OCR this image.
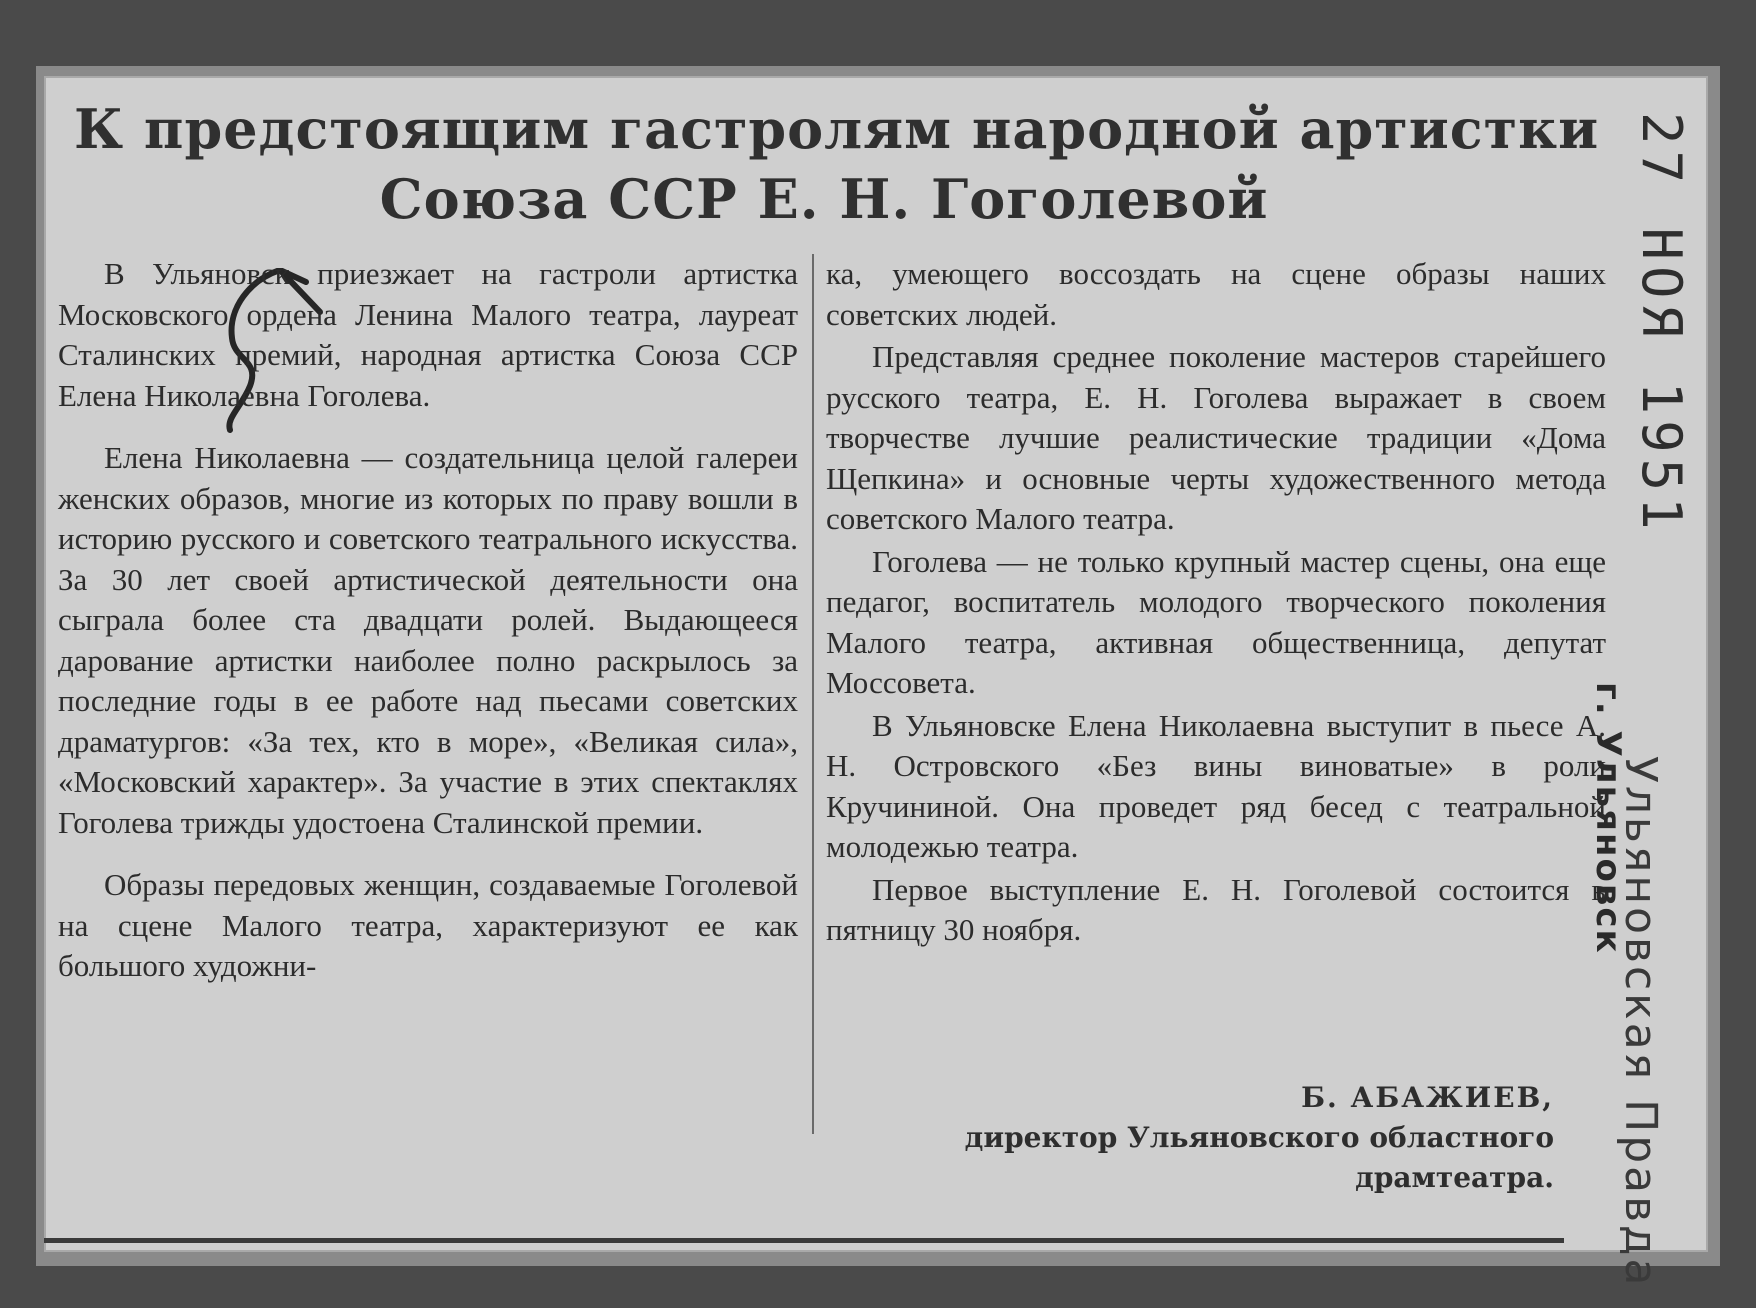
К предстоящим гастролям народной артистки
Союза ССР Е. Н. Гоголевой

В Ульяновск приезжает на гастроли артистка Московского ордена Ленина Малого театра, лауреат Сталинских премий, народная артистка Союза ССР Елена Николаевна Гоголева.

Елена Николаевна — создательница целой галереи женских образов, многие из которых по праву вошли в историю русского и советского театрального искусства. За 30 лет своей артистической деятельности она сыграла более ста двадцати ролей. Выдающееся дарование артистки наиболее полно раскрылось за последние годы в ее работе над пьесами советских драматургов: «За тех, кто в море», «Великая сила», «Московский характер». За участие в этих спектаклях Гоголева трижды удостоена Сталинской премии.

Образы передовых женщин, создаваемые Гоголевой на сцене Малого театра, характеризуют ее как большого художни-

ка, умеющего воссоздать на сцене образы наших советских людей.

Представляя среднее поколение мастеров старейшего русского театра, Е. Н. Гоголева выражает в своем творчестве лучшие реалистические традиции «Дома Щепкина» и основные черты художественного метода советского Малого театра.

Гоголева — не только крупный мастер сцены, она еще педагог, воспитатель молодого творческого поколения Малого театра, активная общественница, депутат Моссовета.

В Ульяновске Елена Николаевна выступит в пьесе А. Н. Островского «Без вины виноватые» в роли Кручининой. Она проведет ряд бесед с театральной молодежью театра.

Первое выступление Е. Н. Гоголевой состоится в пятницу 30 ноября.

Б. АБАЖИЕВ,
директор Ульяновского областного
драмтеатра.
27 НОЯ 1951
Ульяновская Правда
г. Ульяновск
